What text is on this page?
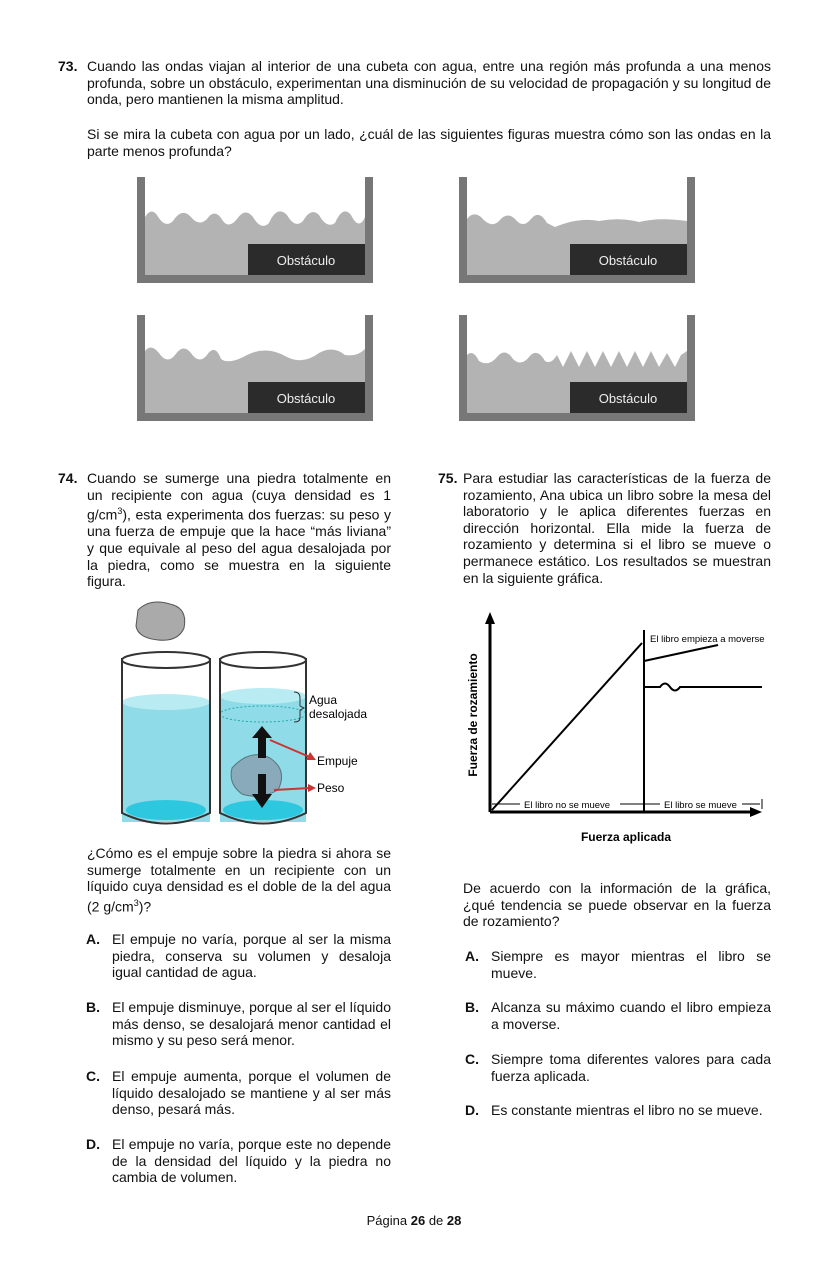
73. Cuando las ondas viajan al interior de una cubeta con agua, entre una región más profunda a una menos profunda, sobre un obstáculo, experimentan una disminución de su velocidad de propagación y su longitud de onda, pero mantienen la misma amplitud.
Si se mira la cubeta con agua por un lado, ¿cuál de las siguientes figuras muestra cómo son las ondas en la parte menos profunda?
Obstáculo	Obstáculo
Obstáculo	Obstáculo
74. Cuando se sumerge una piedra totalmente en un recipiente con agua (cuya densidad es 1 $g/cm^3$), esta experimenta dos fuerzas: su peso y una fuerza de empuje que la hace “más liviana” y que equivale al peso del agua desalojada por la piedra, como se muestra en la siguiente figura.
Agua
desalojada
Empuje
Peso
¿Cómo es el empuje sobre la piedra si ahora se sumerge totalmente en un recipiente con un líquido cuya densidad es el doble de la del agua (2 $g/cm^3$)?
A. El empuje no varía, porque al ser la misma piedra, conserva su volumen y desaloja igual cantidad de agua.
B. El empuje disminuye, porque al ser el líquido más denso, se desalojará menor cantidad el mismo y su peso será menor.
C. El empuje aumenta, porque el volumen de líquido desalojado se mantiene y al ser más denso, pesará más.
D. El empuje no varía, porque este no depende de la densidad del líquido y la piedra no cambia de volumen.
75. Para estudiar las características de la fuerza de rozamiento, Ana ubica un libro sobre la mesa del laboratorio y le aplica diferentes fuerzas en dirección horizontal. Ella mide la fuerza de rozamiento y determina si el libro se mueve o permanece estático. Los resultados se muestran en la siguiente gráfica.
El libro empieza a moverse
El libro no se mueve	El libro se mueve
Fuerza aplicada
Fuerza de rozamiento
De acuerdo con la información de la gráfica, ¿qué tendencia se puede observar en la fuerza de rozamiento?
A. Siempre es mayor mientras el libro se mueve.
B. Alcanza su máximo cuando el libro empieza a moverse.
C. Siempre toma diferentes valores para cada fuerza aplicada.
D. Es constante mientras el libro no se mueve.
Página 26 de 28
